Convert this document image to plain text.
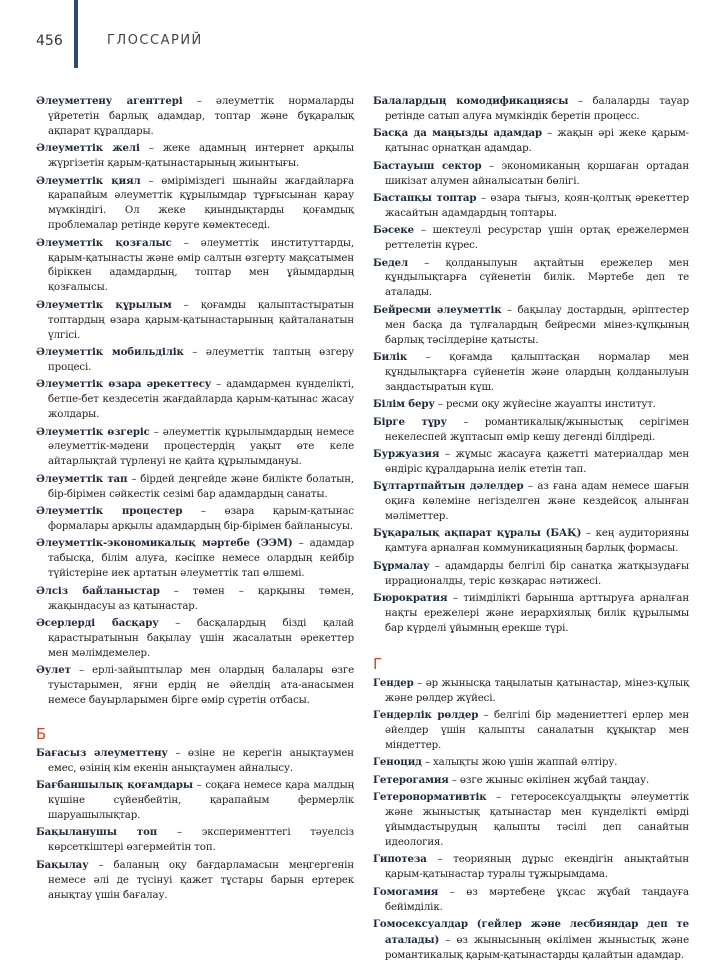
456	ГЛОССАРИЙ

Әлеуметтену агенттері – әлеуметтік нормаларды үйрететін барлық адамдар, топтар және бұқаралық ақпарат құралдары.

Әлеуметтік желі – жеке адамның интернет арқылы жүргізетін қарым-қатынастарының жиынтығы.

Әлеуметтік қиял – өміріміздегі шынайы жағдайларға қарапайым әлеуметтік құрылымдар тұрғысынан қарау мүмкіндігі. Ол жеке қиындықтарды қоғамдық проблемалар ретінде көруге көмектеседі.

Әлеуметтік қозғалыс – әлеуметтік институттарды, қарым-қатынасты және өмір салтын өзгерту мақсатымен біріккен адамдардың, топтар мен ұйымдардың қозғалысы.

Әлеуметтік құрылым – қоғамды қалыптастыратын топтардың өзара қарым-қатынастарының қайталанатын үлгісі.

Әлеуметтік мобильділік – әлеуметтік таптың өзгеру процесі.

Әлеуметтік өзара әрекеттесу – адамдармен күнделікті, бетпе-бет кездесетін жағдайларда қарым-қатынас жасау жолдары.

Әлеуметтік өзгеріс – әлеуметтік құрылымдардың немесе әлеуметтік-мәдени процестердің уақыт өте келе айтарлықтай түрленуі не қайта құрылымдануы.

Әлеуметтік тап – бірдей деңгейде және билікте болатын, бір-бірімен сәйкестік сезімі бар адамдардың санаты.

Әлеуметтік процестер – өзара қарым-қатынас формалары арқылы адамдардың бір-бірімен байланысуы.

Әлеуметтік-экономикалық мәртебе (ЭЭМ) – адамдар табысқа, білім алуға, кәсіпке немесе олардың кейбір түйістеріне иек артатын әлеуметтік тап өлшемі.

Әлсіз байланыстар – төмен – қарқыны төмен, жақындасуы аз қатынастар.

Әсерлерді басқару – басқалардың бізді қалай қарастыратынын бақылау үшін жасалатын әрекеттер мен мәлімдемелер.

Әулет – ерлі-зайыптылар мен олардың балалары өзге туыстарымен, яғни ердің не әйелдің ата-анасымен немесе бауырларымен бірге өмір сүретін отбасы.

Б

Бағасыз әлеуметтену – өзіне не керегін анықтаумен емес, өзінің кім екенін анықтаумен айналысу.

Бағбаншылық қоғамдары – соқаға немесе қара малдың күшіне сүйенбейтін, қарапайым фермерлік шаруашылықтар.

Бақыланушы топ – эксперименттегі тәуелсіз көрсеткіштері өзгермейтін топ.

Бақылау – баланың оқу бағдарламасын меңгергенін немесе әлі де түсінуі қажет тұстары барын ертерек анықтау үшін бағалау.

Балалардың комодификациясы – балаларды тауар ретінде сатып алуға мүмкіндік беретін процесс.

Басқа да маңызды адамдар – жақын әрі жеке қарым-қатынас орнатқан адамдар.

Бастауыш сектор – экономиканың қоршаған ортадан шикізат алумен айналысатын бөлігі.

Бастапқы топтар – өзара тығыз, қоян-қолтық әрекеттер жасайтын адамдардың топтары.

Бәсеке – шектеулі ресурстар үшін ортақ ережелермен реттелетін күрес.

Бедел – қолданылуын ақтайтын ережелер мен құндылықтарға сүйенетін билік. Мәртебе деп те аталады.

Бейресми әлеуметтік – бақылау достардың, әріптестер мен басқа да тұлғалардың бейресми мінез-құлқының барлық тәсілдеріне қатысты.

Билік – қоғамда қалыптасқан нормалар мен құндылықтарға сүйенетін және олардың қолданылуын заңдастыратын күш.

Білім беру – ресми оқу жүйесіне жауапты институт.

Бірге тұру – романтикалық/жыныстық серігімен некелеспей жұптасып өмір кешу дегенді білдіреді.

Буржуазия – жұмыс жасауға қажетті материалдар мен өндіріс құралдарына иелік ететін тап.

Бұлтартпайтын дәлелдер – аз ғана адам немесе шағын оқиға көлеміне негізделген және кездейсоқ алынған мәліметтер.

Бұқаралық ақпарат құралы (БАҚ) – кең аудиторияны қамтуға арналған коммуникацияның барлық формасы.

Бұрмалау – адамдарды белгілі бір санатқа жатқызудағы иррационалды, теріс көзқарас нәтижесі.

Бюрократия – тиімділікті барынша арттыруға арналған нақты ережелері және иерархиялық билік құрылымы бар күрделі ұйымның ерекше түрі.

Г

Гендер – әр жынысқа таңылатын қатынастар, мінез-құлық және рөлдер жүйесі.

Гендерлік рөлдер – белгілі бір мәдениеттегі ерлер мен әйелдер үшін қалыпты саналатын құқықтар мен міндеттер.

Геноцид – халықты жою үшін жаппай өлтіру.

Гетерогамия – өзге жыныс өкілінен жұбай таңдау.

Гетеронормативтік – гетеросексуалдықты әлеуметтік және жыныстық қатынастар мен күнделікті өмірді ұйымдастырудың қалыпты тәсілі деп санайтын идеология.

Гипотеза – теорияның дұрыс екендігін анықтайтын қарым-қатынастар туралы тұжырымдама.

Гомогамия – өз мәртебеңе ұқсас жұбай таңдауға бейімділік.

Гомосексуалдар (гейлер және лесбияндар деп те аталады) – өз жынысының өкілімен жыныстық және романтикалық қарым-қатынастарды қалайтын адамдар.
